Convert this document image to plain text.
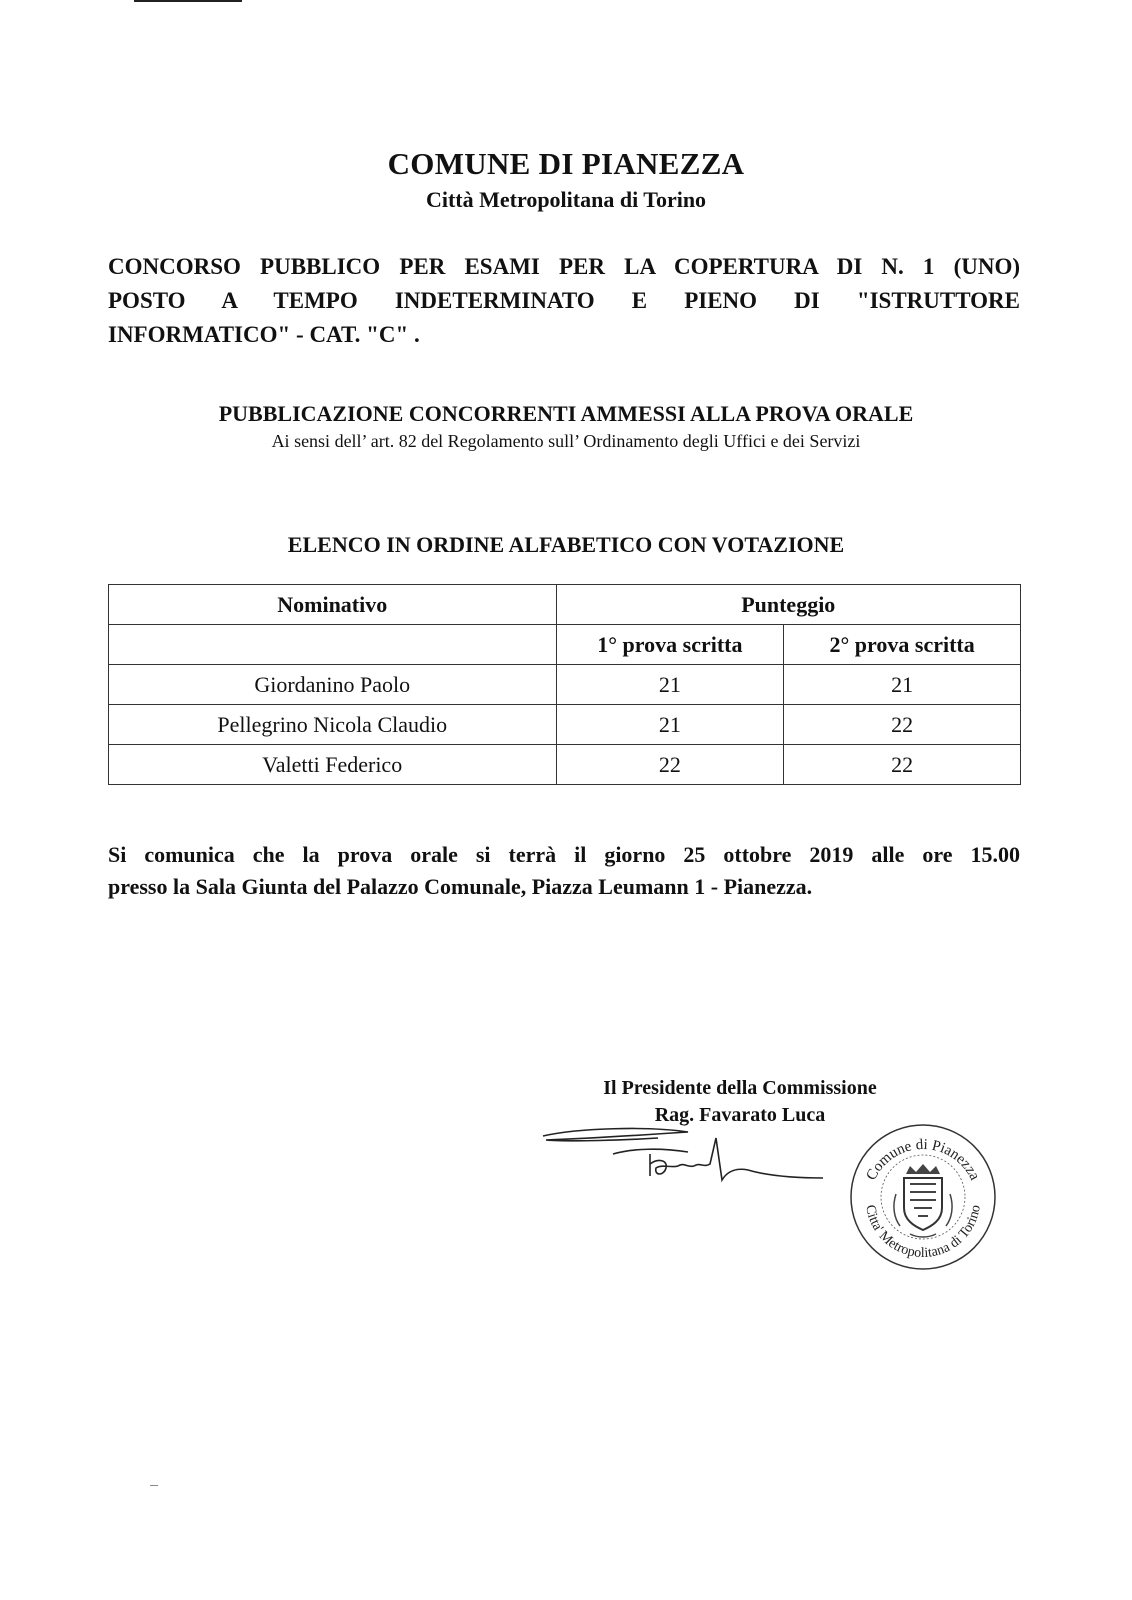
COMUNE DI PIANEZZA
Città Metropolitana di Torino
CONCORSO PUBBLICO PER ESAMI PER LA COPERTURA DI N. 1 (UNO)
POSTO A TEMPO INDETERMINATO E PIENO DI "ISTRUTTORE
INFORMATICO" - CAT. "C" .
PUBBLICAZIONE CONCORRENTI AMMESSI ALLA PROVA ORALE
Ai sensi dell’ art. 82 del Regolamento sull’ Ordinamento degli Uffici e dei Servizi
ELENCO IN ORDINE ALFABETICO CON VOTAZIONE
Nominativo	Punteggio	
	1° prova scritta	2° prova scritta
Giordanino Paolo	21	21
Pellegrino Nicola Claudio	21	22
Valetti Federico	22	22
Si comunica che la prova orale si terrà il giorno 25 ottobre 2019 alle ore 15.00
presso la Sala Giunta del Palazzo Comunale, Piazza Leumann 1 - Pianezza.
Il Presidente della Commissione
Rag. Favarato Luca
Comune di Pianezza
Citta' Metropolitana di Torino
